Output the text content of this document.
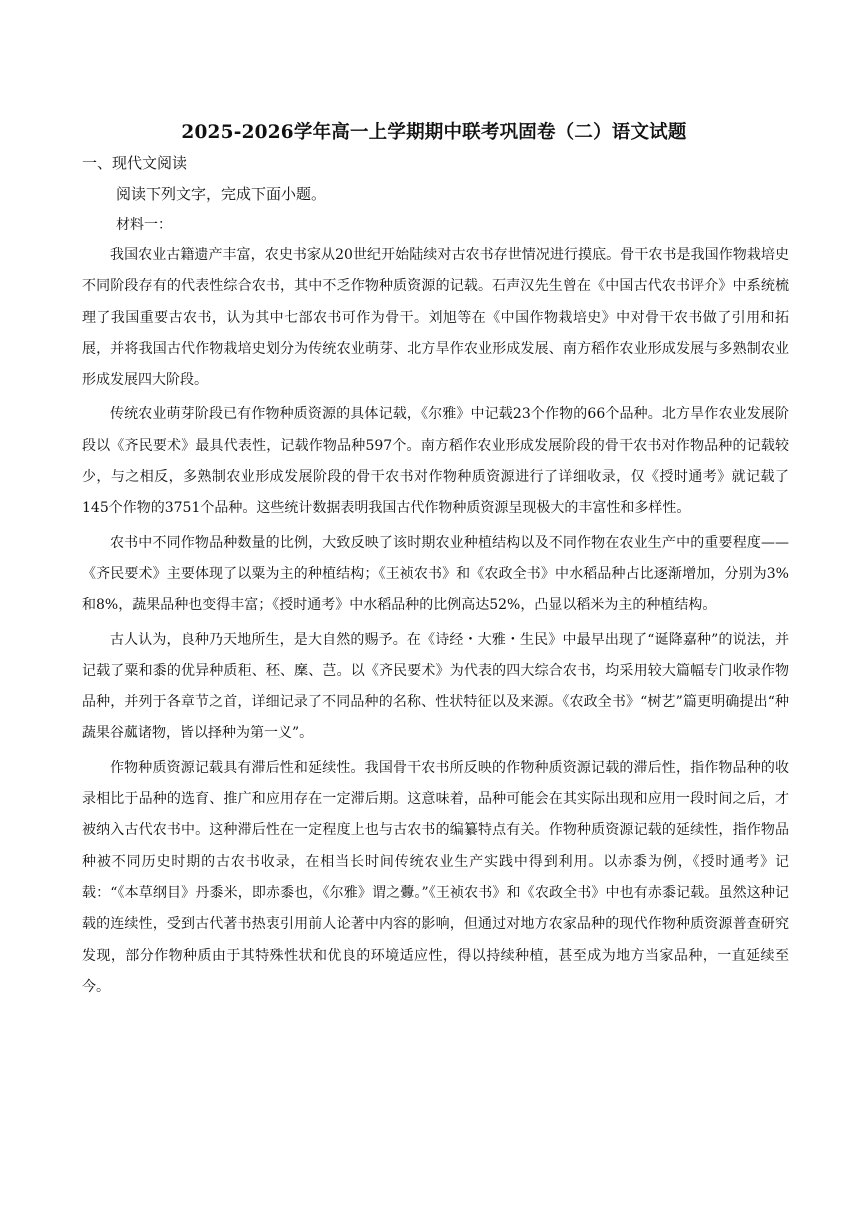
2025-2026学年高一上学期期中联考巩固卷（二）语文试题
一、现代文阅读
阅读下列文字，完成下面小题。
材料一：

我国农业古籍遗产丰富，农史书家从20世纪开始陆续对古农书存世情况进行摸底。骨干农书是我国作物栽培史不同阶段存有的代表性综合农书，其中不乏作物种质资源的记载。石声汉先生曾在《中国古代农书评介》中系统梳理了我国重要古农书，认为其中七部农书可作为骨干。刘旭等在《中国作物栽培史》中对骨干农书做了引用和拓展，并将我国古代作物栽培史划分为传统农业萌芽、北方旱作农业形成发展、南方稻作农业形成发展与多熟制农业形成发展四大阶段。

传统农业萌芽阶段已有作物种质资源的具体记载，《尔雅》中记载23个作物的66个品种。北方旱作农业发展阶段以《齐民要术》最具代表性，记载作物品种597个。南方稻作农业形成发展阶段的骨干农书对作物品种的记载较少，与之相反，多熟制农业形成发展阶段的骨干农书对作物种质资源进行了详细收录，仅《授时通考》就记载了145个作物的3751个品种。这些统计数据表明我国古代作物种质资源呈现极大的丰富性和多样性。

农书中不同作物品种数量的比例，大致反映了该时期农业种植结构以及不同作物在农业生产中的重要程度——《齐民要术》主要体现了以粟为主的种植结构；《王祯农书》和《农政全书》中水稻品种占比逐渐增加，分别为3%和8%，蔬果品种也变得丰富；《授时通考》中水稻品种的比例高达52%，凸显以稻米为主的种植结构。

古人认为，良种乃天地所生，是大自然的赐予。在《诗经・大雅・生民》中最早出现了“诞降嘉种”的说法，并记载了粟和黍的优异种质秬、秠、穈、芑。以《齐民要术》为代表的四大综合农书，均采用较大篇幅专门收录作物品种，并列于各章节之首，详细记录了不同品种的名称、性状特征以及来源。《农政全书》“树艺”篇更明确提出“种蔬果谷蓏诸物，皆以择种为第一义”。

作物种质资源记载具有滞后性和延续性。我国骨干农书所反映的作物种质资源记载的滞后性，指作物品种的收录相比于品种的选育、推广和应用存在一定滞后期。这意味着，品种可能会在其实际出现和应用一段时间之后，才被纳入古代农书中。这种滞后性在一定程度上也与古农书的编纂特点有关。作物种质资源记载的延续性，指作物品种被不同历史时期的古农书收录，在相当长时间传统农业生产实践中得到利用。以赤黍为例，《授时通考》记载：“《本草纲目》丹黍米，即赤黍也，《尔雅》谓之虋。”《王祯农书》和《农政全书》中也有赤黍记载。虽然这种记载的连续性，受到古代著书热衷引用前人论著中内容的影响，但通过对地方农家品种的现代作物种质资源普查研究发现，部分作物种质由于其特殊性状和优良的环境适应性，得以持续种植，甚至成为地方当家品种，一直延续至今。
